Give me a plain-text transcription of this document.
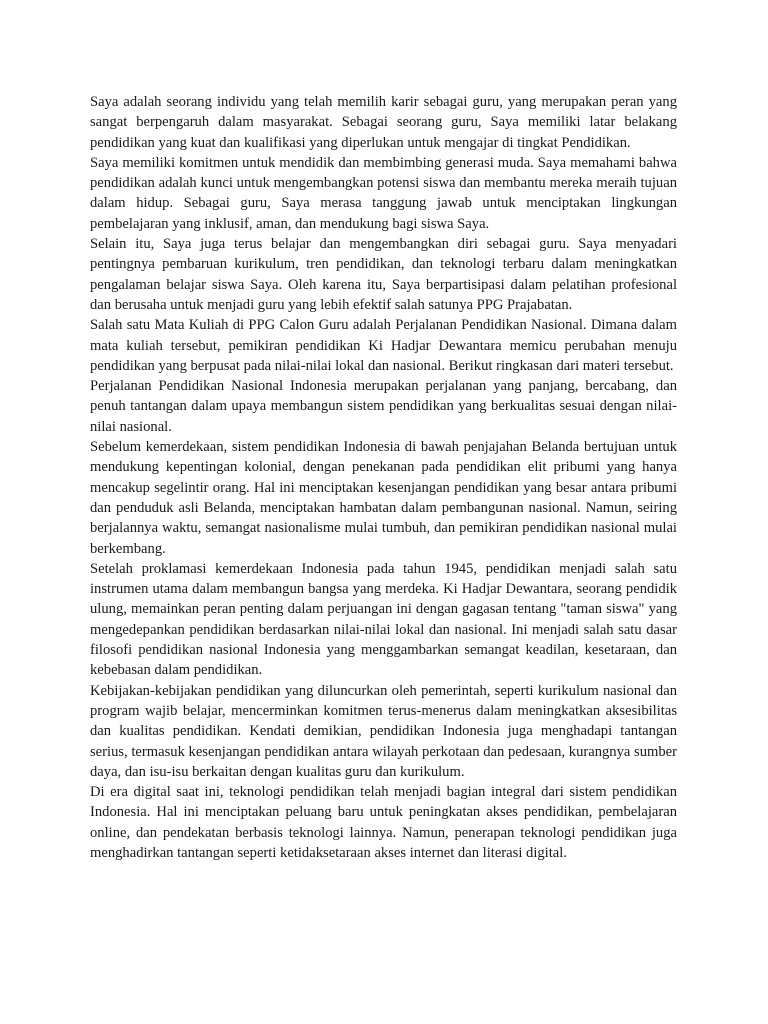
Saya adalah seorang individu yang telah memilih karir sebagai guru, yang merupakan peran yang sangat berpengaruh dalam masyarakat. Sebagai seorang guru, Saya memiliki latar belakang pendidikan yang kuat dan kualifikasi yang diperlukan untuk mengajar di tingkat Pendidikan.

Saya memiliki komitmen untuk mendidik dan membimbing generasi muda. Saya memahami bahwa pendidikan adalah kunci untuk mengembangkan potensi siswa dan membantu mereka meraih tujuan dalam hidup. Sebagai guru, Saya merasa tanggung jawab untuk menciptakan lingkungan pembelajaran yang inklusif, aman, dan mendukung bagi siswa Saya.

Selain itu, Saya juga terus belajar dan mengembangkan diri sebagai guru. Saya menyadari pentingnya pembaruan kurikulum, tren pendidikan, dan teknologi terbaru dalam meningkatkan pengalaman belajar siswa Saya. Oleh karena itu, Saya berpartisipasi dalam pelatihan profesional dan berusaha untuk menjadi guru yang lebih efektif salah satunya PPG Prajabatan.

Salah satu Mata Kuliah di PPG Calon Guru adalah Perjalanan Pendidikan Nasional. Dimana dalam mata kuliah tersebut, pemikiran pendidikan Ki Hadjar Dewantara memicu perubahan menuju pendidikan yang berpusat pada nilai-nilai lokal dan nasional. Berikut ringkasan dari materi tersebut.

Perjalanan Pendidikan Nasional Indonesia merupakan perjalanan yang panjang, bercabang, dan penuh tantangan dalam upaya membangun sistem pendidikan yang berkualitas sesuai dengan nilai-nilai nasional.

Sebelum kemerdekaan, sistem pendidikan Indonesia di bawah penjajahan Belanda bertujuan untuk mendukung kepentingan kolonial, dengan penekanan pada pendidikan elit pribumi yang hanya mencakup segelintir orang. Hal ini menciptakan kesenjangan pendidikan yang besar antara pribumi dan penduduk asli Belanda, menciptakan hambatan dalam pembangunan nasional. Namun, seiring berjalannya waktu, semangat nasionalisme mulai tumbuh, dan pemikiran pendidikan nasional mulai berkembang.

Setelah proklamasi kemerdekaan Indonesia pada tahun 1945, pendidikan menjadi salah satu instrumen utama dalam membangun bangsa yang merdeka. Ki Hadjar Dewantara, seorang pendidik ulung, memainkan peran penting dalam perjuangan ini dengan gagasan tentang "taman siswa" yang mengedepankan pendidikan berdasarkan nilai-nilai lokal dan nasional. Ini menjadi salah satu dasar filosofi pendidikan nasional Indonesia yang menggambarkan semangat keadilan, kesetaraan, dan kebebasan dalam pendidikan.

Kebijakan-kebijakan pendidikan yang diluncurkan oleh pemerintah, seperti kurikulum nasional dan program wajib belajar, mencerminkan komitmen terus-menerus dalam meningkatkan aksesibilitas dan kualitas pendidikan. Kendati demikian, pendidikan Indonesia juga menghadapi tantangan serius, termasuk kesenjangan pendidikan antara wilayah perkotaan dan pedesaan, kurangnya sumber daya, dan isu-isu berkaitan dengan kualitas guru dan kurikulum.

Di era digital saat ini, teknologi pendidikan telah menjadi bagian integral dari sistem pendidikan Indonesia. Hal ini menciptakan peluang baru untuk peningkatan akses pendidikan, pembelajaran online, dan pendekatan berbasis teknologi lainnya. Namun, penerapan teknologi pendidikan juga menghadirkan tantangan seperti ketidaksetaraan akses internet dan literasi digital.
